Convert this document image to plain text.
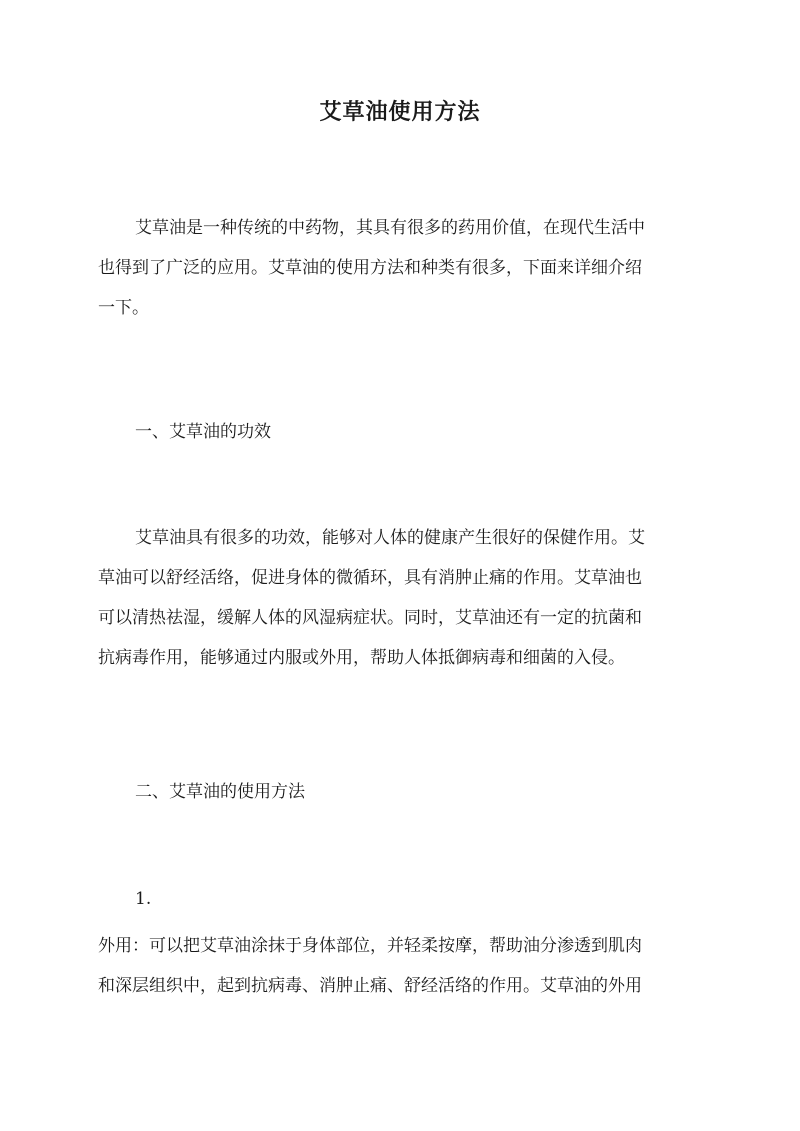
艾草油使用方法
艾草油是一种传统的中药物，其具有很多的药用价值，在现代生活中
也得到了广泛的应用。艾草油的使用方法和种类有很多，下面来详细介绍
一下。
一、艾草油的功效
艾草油具有很多的功效，能够对人体的健康产生很好的保健作用。艾
草油可以舒经活络，促进身体的微循环，具有消肿止痛的作用。艾草油也
可以清热祛湿，缓解人体的风湿病症状。同时，艾草油还有一定的抗菌和
抗病毒作用，能够通过内服或外用，帮助人体抵御病毒和细菌的入侵。
二、艾草油的使用方法
1.
外用：可以把艾草油涂抹于身体部位，并轻柔按摩，帮助油分渗透到肌肉
和深层组织中，起到抗病毒、消肿止痛、舒经活络的作用。艾草油的外用
